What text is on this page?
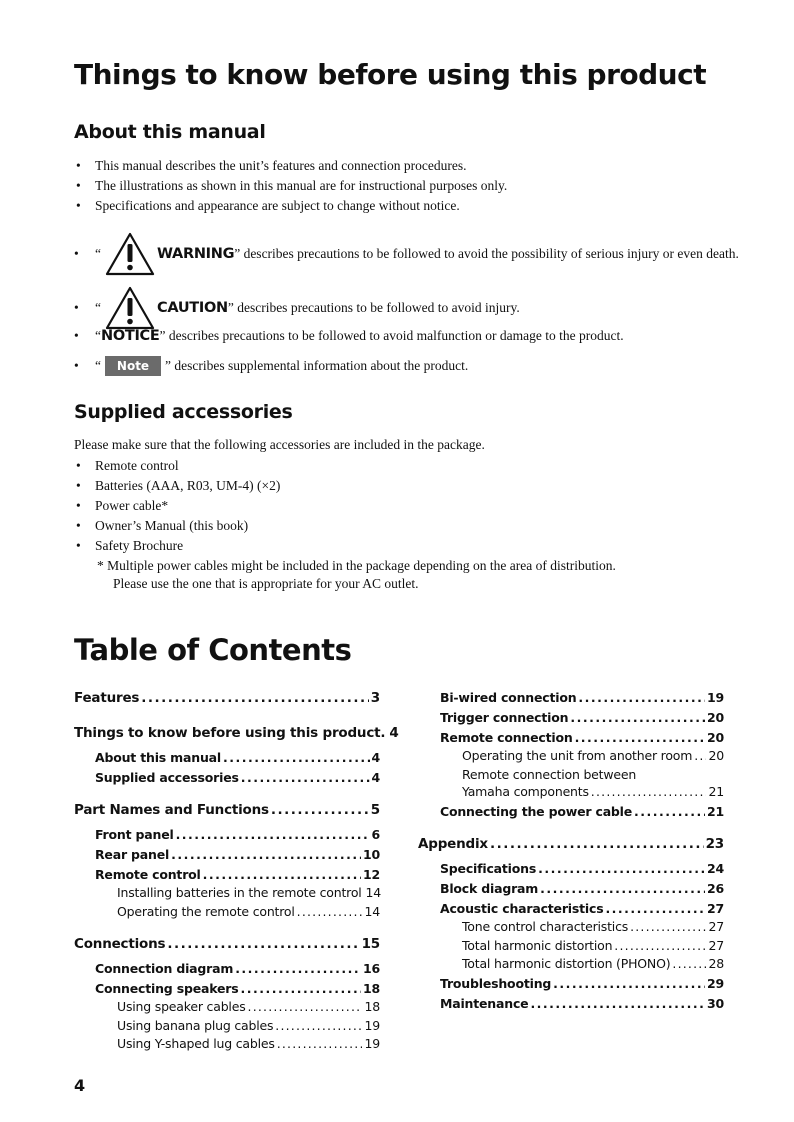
Things to know before using this product
About this manual
• This manual describes the unit’s features and connection procedures.
• The illustrations as shown in this manual are for instructional purposes only.
• Specifications and appearance are subject to change without notice.
•	“	WARNING ” describes precautions to be followed to avoid the possibility of serious injury or even death.
•	“	CAUTION ” describes precautions to be followed to avoid injury.
•	“ NOTICE ” describes precautions to be followed to avoid malfunction or damage to the product.
•	“	Note	” describes supplemental information about the product.
Supplied accessories
Please make sure that the following accessories are included in the package.
• Remote control
• Batteries (AAA, R03, UM-4) (×2)
• Power cable*
• Owner’s Manual (this book)
• Safety Brochure
* Multiple power cables might be included in the package depending on the area of distribution.
Please use the one that is appropriate for your AC outlet.
Table of Contents
Features .....	3
Things to know before using this product. 4
About this manual .....	4
Supplied accessories .....	4
Part Names and Functions .....	5
Front panel .....	6
Rear panel .....	10
Remote control .....	12
Installing batteries in the remote control 14
Operating the remote control .....	14
Connections .....	15
Connection diagram .....	16
Connecting speakers .....	18
Using speaker cables .....	18
Using banana plug cables .....	19
Using Y-shaped lug cables .....	19
Bi-wired connection .....	19
Trigger connection .....	20
Remote connection .....	20
Operating the unit from another room ..... 20
Remote connection between
Yamaha components .....	21
Connecting the power cable .....	21
Appendix .....	23
Specifications .....	24
Block diagram .....	26
Acoustic characteristics .....	27
Tone control characteristics .....	27
Total harmonic distortion .....	27
Total harmonic distortion (PHONO) .....	28
Troubleshooting .....	29
Maintenance .....	30
4
